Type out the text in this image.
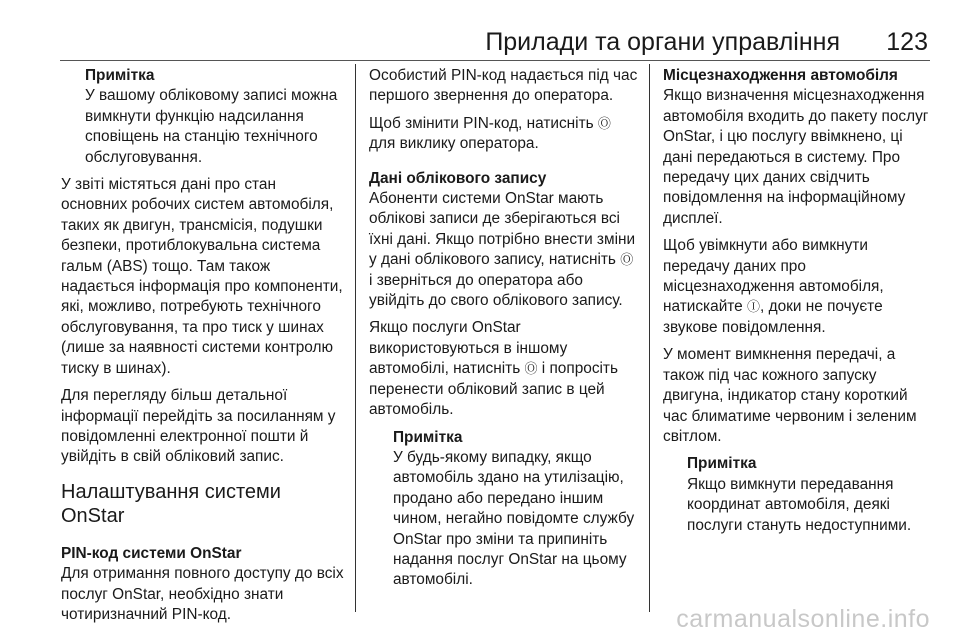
Прилади та органи управління 123
Примітка
У вашому обліковому записі можна вимкнути функцію надсилання сповіщень на станцію технічного обслуговування.

У звіті містяться дані про стан основних робочих систем автомобіля, таких як двигун, трансмісія, подушки безпеки, протиблокувальна система гальм (ABS) тощо. Там також надається інформація про компоненти, які, можливо, потребують технічного обслуговування, та про тиск у шинах (лише за наявності системи контролю тиску в шинах).

Для перегляду більш детальної інформації перейдіть за посиланням у повідомленні електронної пошти й увійдіть в свій обліковий запис.

Налаштування системи OnStar
PIN-код системи OnStar

Для отримання повного доступу до всіх послуг OnStar, необхідно знати чотиризначний PIN-код.

Особистий PIN-код надається під час першого звернення до оператора.

Щоб змінити PIN-код, натисніть Ⓞ для виклику оператора.

Дані облікового запису

Абоненти системи OnStar мають облікові записи де зберігаються всі їхні дані. Якщо потрібно внести зміни у дані облікового запису, натисніть Ⓞ і зверніться до оператора або увійдіть до свого облікового запису.

Якщо послуги OnStar використовуються в іншому автомобілі, натисніть Ⓞ і попросіть перенести обліковий запис в цей автомобіль.

Примітка
У будь-якому випадку, якщо автомобіль здано на утилізацію, продано або передано іншим чином, негайно повідомте службу OnStar про зміни та припиніть надання послуг OnStar на цьому автомобілі.
Місцезнаходження автомобіля

Якщо визначення місцезнаходження автомобіля входить до пакету послуг OnStar, і цю послугу ввімкнено, ці дані передаються в систему. Про передачу цих даних свідчить повідомлення на інформаційному дисплеї.

Щоб увімкнути або вимкнути передачу даних про місцезнаходження автомобіля, натискайте Ⓘ, доки не почуєте звукове повідомлення.

У момент вимкнення передачі, а також під час кожного запуску двигуна, індикатор стану короткий час блиматиме червоним і зеленим світлом.

Примітка
Якщо вимкнути передавання координат автомобіля, деякі послуги стануть недоступними.
carmanualsonline.info
